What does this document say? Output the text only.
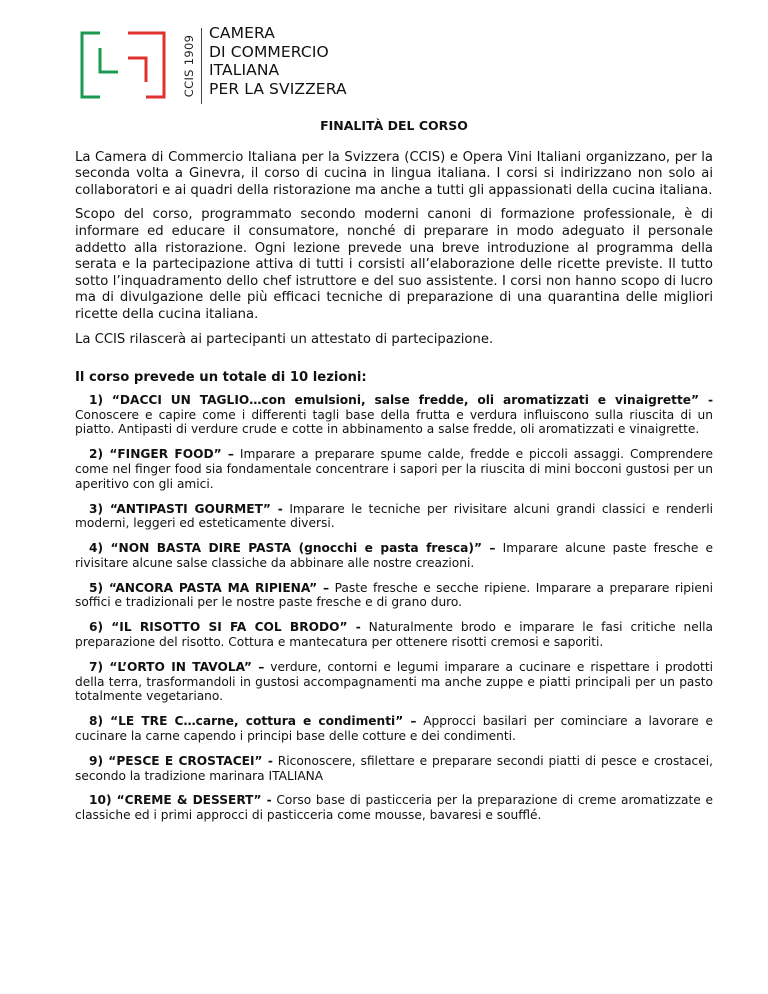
CCIS 1909
CAMERA
DI COMMERCIO
ITALIANA
PER LA SVIZZERA
FINALITÀ DEL CORSO

La Camera di Commercio Italiana per la Svizzera (CCIS) e Opera Vini Italiani organizzano, per la seconda volta a Ginevra, il corso di cucina in lingua italiana. I corsi si indirizzano non solo ai collaboratori e ai quadri della ristorazione ma anche a tutti gli appassionati della cucina italiana.

Scopo del corso, programmato secondo moderni canoni di formazione professionale, è di informare ed educare il consumatore, nonché di preparare in modo adeguato il personale addetto alla ristorazione. Ogni lezione prevede una breve introduzione al programma della serata e la partecipazione attiva di tutti i corsisti all’elaborazione delle ricette previste. Il tutto sotto l’inquadramento dello chef istruttore e del suo assistente. I corsi non hanno scopo di lucro ma di divulgazione delle più efficaci tecniche di preparazione di una quarantina delle migliori ricette della cucina italiana.

La CCIS rilascerà ai partecipanti un attestato di partecipazione.

Il corso prevede un totale di 10 lezioni:

1) “DACCI UN TAGLIO…con emulsioni, salse fredde, oli aromatizzati e vinaigrette” - Conoscere e capire come i differenti tagli base della frutta e verdura influiscono sulla riuscita di un piatto. Antipasti di verdure crude e cotte in abbinamento a salse fredde, oli aromatizzati e vinaigrette.

2) “FINGER FOOD” – Imparare a preparare spume calde, fredde e piccoli assaggi. Comprendere come nel finger food sia fondamentale concentrare i sapori per la riuscita di mini bocconi gustosi per un aperitivo con gli amici.

3) “ANTIPASTI GOURMET” - Imparare le tecniche per rivisitare alcuni grandi classici e renderli moderni, leggeri ed esteticamente diversi.

4) “NON BASTA DIRE PASTA (gnocchi e pasta fresca)” – Imparare alcune paste fresche e rivisitare alcune salse classiche da abbinare alle nostre creazioni.

5) “ANCORA PASTA MA RIPIENA” – Paste fresche e secche ripiene. Imparare a preparare ripieni soffici e tradizionali per le nostre paste fresche e di grano duro.

6) “IL RISOTTO SI FA COL BRODO” - Naturalmente brodo e imparare le fasi critiche nella preparazione del risotto. Cottura e mantecatura per ottenere risotti cremosi e saporiti.

7) “L’ORTO IN TAVOLA” – verdure, contorni e legumi imparare a cucinare e rispettare i prodotti della terra, trasformandoli in gustosi accompagnamenti ma anche zuppe e piatti principali per un pasto totalmente vegetariano.

8) “LE TRE C…carne, cottura e condimenti” – Approcci basilari per cominciare a lavorare e cucinare la carne capendo i principi base delle cotture e dei condimenti.

9) “PESCE E CROSTACEI” - Riconoscere, sfilettare e preparare secondi piatti di pesce e crostacei, secondo la tradizione marinara ITALIANA

10) “CREME & DESSERT” - Corso base di pasticceria per la preparazione di creme aromatizzate e classiche ed i primi approcci di pasticceria come mousse, bavaresi e soufflé.
